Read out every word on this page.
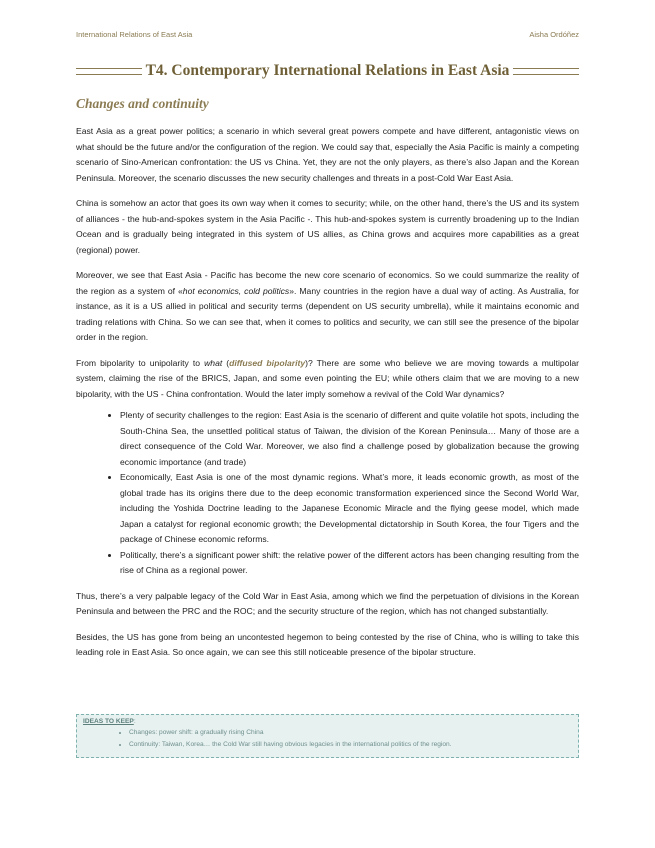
International Relations of East Asia	Aisha Ordóñez
T4. Contemporary International Relations in East Asia
Changes and continuity

East Asia as a great power politics; a scenario in which several great powers compete and have different, antagonistic views on what should be the future and/or the configuration of the region. We could say that, especially the Asia Pacific is mainly a competing scenario of Sino-American confrontation: the US vs China. Yet, they are not the only players, as there’s also Japan and the Korean Peninsula. Moreover, the scenario discusses the new security challenges and threats in a post-Cold War East Asia.

China is somehow an actor that goes its own way when it comes to security; while, on the other hand, there’s the US and its system of alliances - the hub-and-spokes system in the Asia Pacific -. This hub-and-spokes system is currently broadening up to the Indian Ocean and is gradually being integrated in this system of US allies, as China grows and acquires more capabilities as a great (regional) power.

Moreover, we see that East Asia - Pacific has become the new core scenario of economics. So we could summarize the reality of the region as a system of «hot economics, cold politics». Many countries in the region have a dual way of acting. As Australia, for instance, as it is a US allied in political and security terms (dependent on US security umbrella), while it maintains economic and trading relations with China. So we can see that, when it comes to politics and security, we can still see the presence of the bipolar order in the region.

From bipolarity to unipolarity to what (diffused bipolarity)? There are some who believe we are moving towards a multipolar system, claiming the rise of the BRICS, Japan, and some even pointing the EU; while others claim that we are moving to a new bipolarity, with the US - China confrontation. Would the later imply somehow a revival of the Cold War dynamics?

• Plenty of security challenges to the region: East Asia is the scenario of different and quite volatile hot spots, including the South-China Sea, the unsettled political status of Taiwan, the division of the Korean Peninsula… Many of those are a direct consequence of the Cold War. Moreover, we also find a challenge posed by globalization because the growing economic importance (and trade)
• Economically, East Asia is one of the most dynamic regions. What’s more, it leads economic growth, as most of the global trade has its origins there due to the deep economic transformation experienced since the Second World War, including the Yoshida Doctrine leading to the Japanese Economic Miracle and the flying geese model, which made Japan a catalyst for regional economic growth; the Developmental dictatorship in South Korea, the four Tigers and the package of Chinese economic reforms.
• Politically, there’s a significant power shift: the relative power of the different actors has been changing resulting from the rise of China as a regional power.

Thus, there’s a very palpable legacy of the Cold War in East Asia, among which we find the perpetuation of divisions in the Korean Peninsula and between the PRC and the ROC; and the security structure of the region, which has not changed substantially.

Besides, the US has gone from being an uncontested hegemon to being contested by the rise of China, who is willing to take this leading role in East Asia. So once again, we can see this still noticeable presence of the bipolar structure.

IDEAS TO KEEP:
• Changes: power shift: a gradually rising China
• Continuity: Taiwan, Korea… the Cold War still having obvious legacies in the international politics of the region.
